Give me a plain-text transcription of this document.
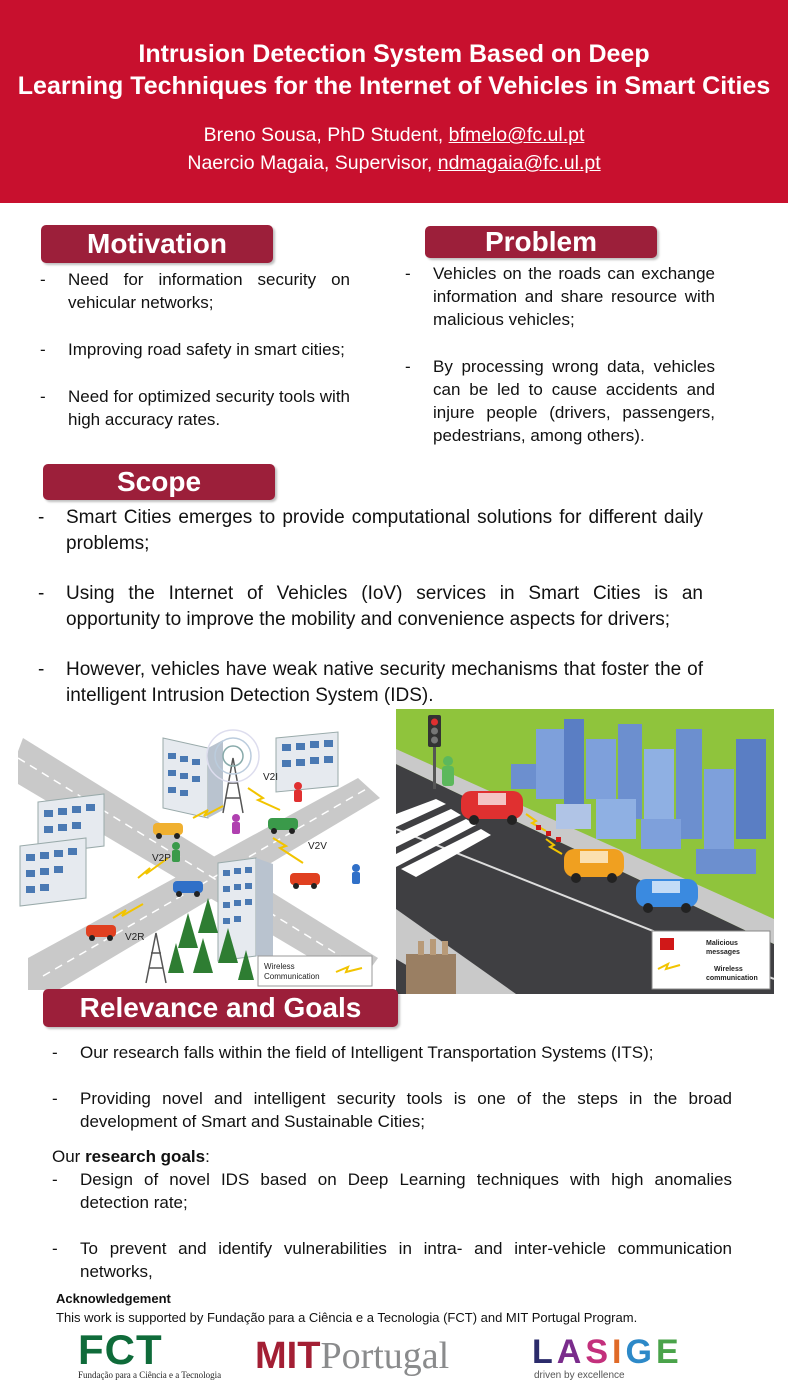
Intrusion Detection System Based on Deep
Learning Techniques for the Internet of Vehicles in Smart Cities
Breno Sousa, PhD Student, bfmelo@fc.ul.pt
Naercio Magaia, Supervisor, ndmagaia@fc.ul.pt
Motivation
- Need for information security on vehicular networks;
- Improving road safety in smart cities;
- Need for optimized security tools with high accuracy rates.
Problem
- Vehicles on the roads can exchange information and share resource with malicious vehicles;
- By processing wrong data, vehicles can be led to cause accidents and injure people (drivers, passengers, pedestrians, among others).
Scope
- Smart Cities emerges to provide computational solutions for different daily problems;
- Using the Internet of Vehicles (IoV) services in Smart Cities is an opportunity to improve the mobility and convenience aspects for drivers;
- However, vehicles have weak native security mechanisms that foster the of intelligent Intrusion Detection System (IDS).
V2I
V2V
V2P
V2R
Wireless
Communication
Malicious
messages
Wireless
communication
Relevance and Goals
- Our research falls within the field of Intelligent Transportation Systems (ITS);
- Providing novel and intelligent security tools is one of the steps in the broad development of Smart and Sustainable Cities;
Our research goals:
- Design of novel IDS based on Deep Learning techniques with high anomalies detection rate;
- To prevent and identify vulnerabilities in intra- and inter-vehicle communication networks,
Acknowledgement
This work is supported by Fundação para a Ciência e a Tecnologia (FCT) and MIT Portugal Program.
FCT
Fundação para a Ciência e a Tecnologia MITPortugal LASIGE
driven by excellence
